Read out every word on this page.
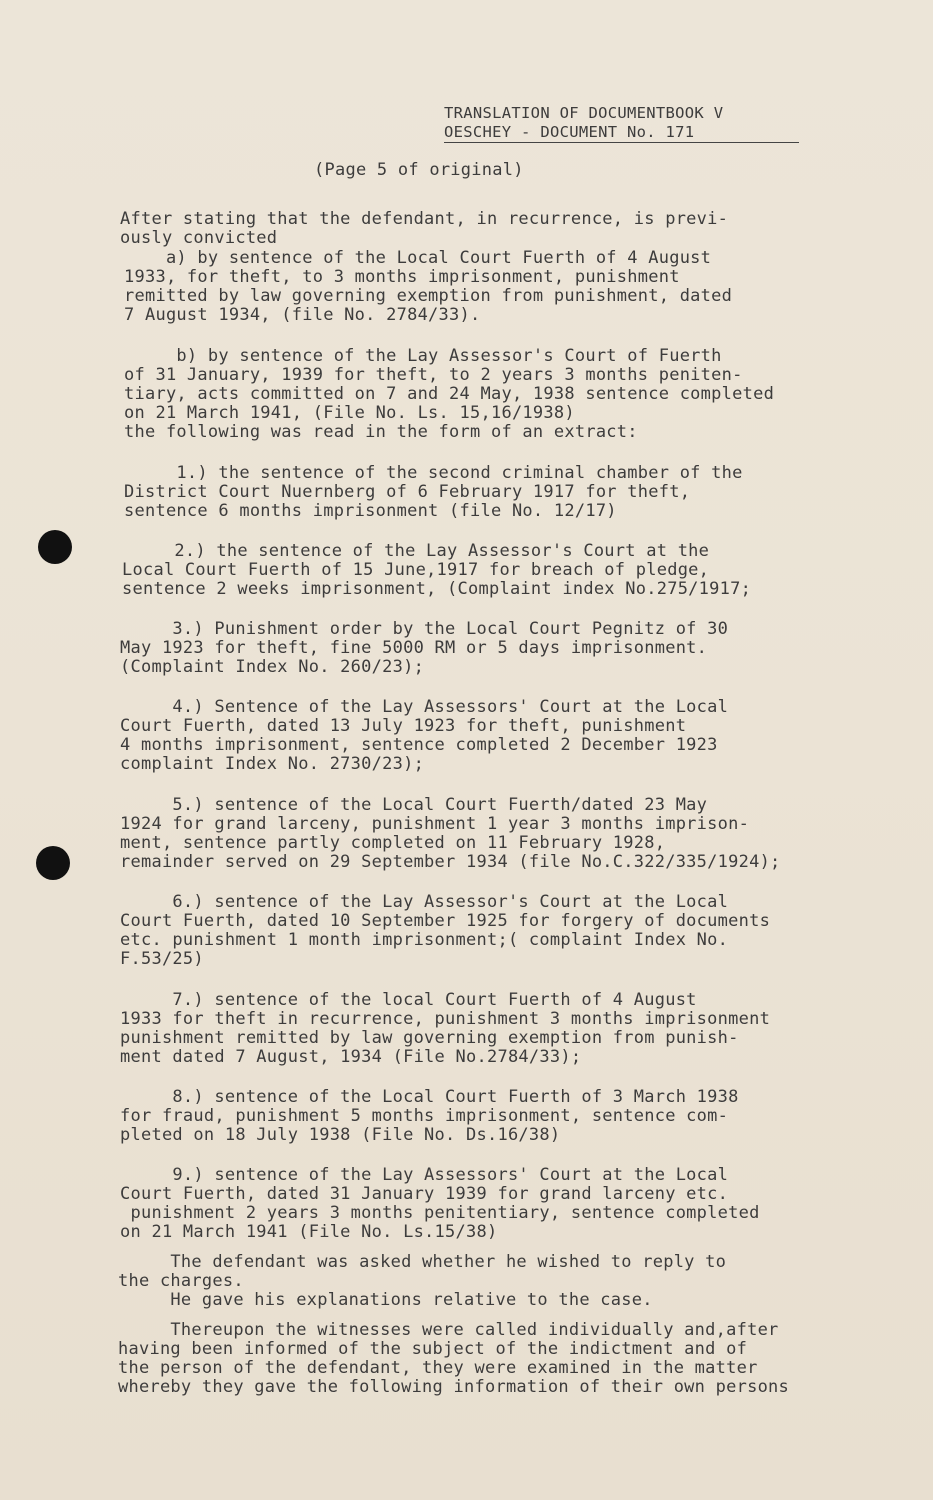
TRANSLATION OF DOCUMENTBOOK V
OESCHEY - DOCUMENT No. 171
(Page 5 of original)
After stating that the defendant, in recurrence, is previ-
ously convicted
a) by sentence of the Local Court Fuerth of 4 August
1933, for theft, to 3 months imprisonment, punishment
remitted by law governing exemption from punishment, dated
7 August 1934, (file No. 2784/33).
b) by sentence of the Lay Assessor's Court of Fuerth
of 31 January, 1939 for theft, to 2 years 3 months peniten-
tiary, acts committed on 7 and 24 May, 1938 sentence completed
on 21 March 1941, (File No. Ls. 15,16/1938)
the following was read in the form of an extract:
1.) the sentence of the second criminal chamber of the
District Court Nuernberg of 6 February 1917 for theft,
sentence 6 months imprisonment (file No. 12/17)
2.) the sentence of the Lay Assessor's Court at the
Local Court Fuerth of 15 June,1917 for breach of pledge,
sentence 2 weeks imprisonment, (Complaint index No.275/1917;
3.) Punishment order by the Local Court Pegnitz of 30
May 1923 for theft, fine 5000 RM or 5 days imprisonment.
(Complaint Index No. 260/23);
4.) Sentence of the Lay Assessors' Court at the Local
Court Fuerth, dated 13 July 1923 for theft, punishment
4 months imprisonment, sentence completed 2 December 1923
complaint Index No. 2730/23);
5.) sentence of the Local Court Fuerth/dated 23 May
1924 for grand larceny, punishment 1 year 3 months imprison-
ment, sentence partly completed on 11 February 1928,
remainder served on 29 September 1934 (file No.C.322/335/1924);
6.) sentence of the Lay Assessor's Court at the Local
Court Fuerth, dated 10 September 1925 for forgery of documents
etc. punishment 1 month imprisonment;( complaint Index No.
F.53/25)
7.) sentence of the local Court Fuerth of 4 August
1933 for theft in recurrence, punishment 3 months imprisonment
punishment remitted by law governing exemption from punish-
ment dated 7 August, 1934 (File No.2784/33);
8.) sentence of the Local Court Fuerth of 3 March 1938
for fraud, punishment 5 months imprisonment, sentence com-
pleted on 18 July 1938 (File No. Ds.16/38)
9.) sentence of the Lay Assessors' Court at the Local
Court Fuerth, dated 31 January 1939 for grand larceny etc.
punishment 2 years 3 months penitentiary, sentence completed
on 21 March 1941 (File No. Ls.15/38)
The defendant was asked whether he wished to reply to
the charges.
He gave his explanations relative to the case.
Thereupon the witnesses were called individually and,after
having been informed of the subject of the indictment and of
the person of the defendant, they were examined in the matter
whereby they gave the following information of their own persons
